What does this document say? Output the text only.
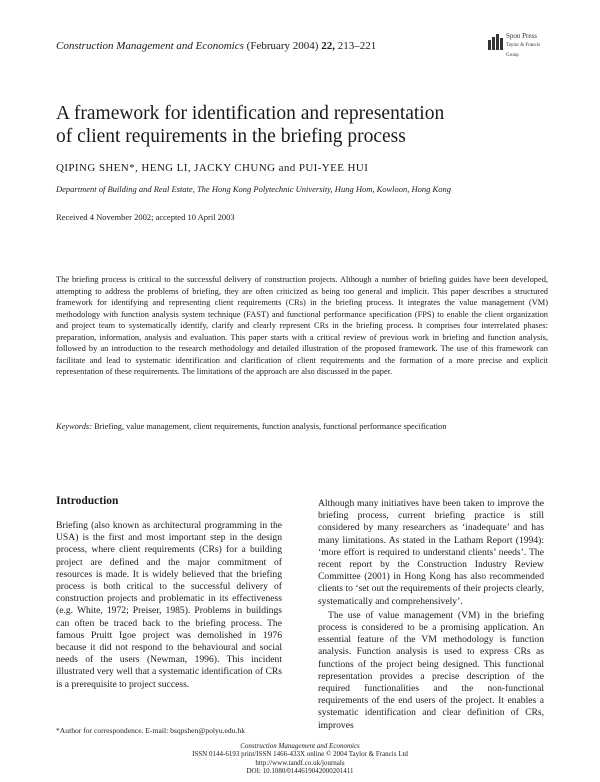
Construction Management and Economics (February 2004) 22, 213–221
Spon Press
Taylor & Francis Group
A framework for identification and representation
of client requirements in the briefing process
QIPING SHEN*, HENG LI, JACKY CHUNG and PUI-YEE HUI
Department of Building and Real Estate, The Hong Kong Polytechnic University, Hung Hom, Kowloon, Hong Kong
Received 4 November 2002; accepted 10 April 2003

The briefing process is critical to the successful delivery of construction projects. Although a number of briefing guides have been developed, attempting to address the problems of briefing, they are often criticized as being too general and implicit. This paper describes a structured framework for identifying and representing client requirements (CRs) in the briefing process. It integrates the value management (VM) methodology with function analysis system technique (FAST) and functional performance specification (FPS) to enable the client organization and project team to systematically identify, clarify and clearly represent CRs in the briefing process. It comprises four interrelated phases: preparation, information, analysis and evaluation. This paper starts with a critical review of previous work in briefing and function analysis, followed by an introduction to the research methodology and detailed illustration of the proposed framework. The use of this framework can facilitate and lead to systematic identification and clarification of client requirements and the formation of a more precise and explicit representation of these requirements. The limitations of the approach are also discussed in the paper.

Keywords: Briefing, value management, client requirements, function analysis, functional performance specification

Introduction

Briefing (also known as architectural programming in the USA) is the first and most important step in the design process, where client requirements (CRs) for a building project are defined and the major commitment of resources is made. It is widely believed that the briefing process is both critical to the successful delivery of construction projects and problematic in its effectiveness (e.g. White, 1972; Preiser, 1985). Problems in buildings can often be traced back to the briefing process. The famous Pruitt Igoe project was demolished in 1976 because it did not respond to the behavioural and social needs of the users (Newman, 1996). This incident illustrated very well that a systematic identification of CRs is a prerequisite to project success.

Although many initiatives have been taken to improve the briefing process, current briefing practice is still considered by many researchers as ‘inadequate’ and has many limitations. As stated in the Latham Report (1994): ‘more effort is required to understand clients’ needs’. The recent report by the Construction Industry Review Committee (2001) in Hong Kong has also recommended clients to ‘set out the requirements of their projects clearly, systematically and comprehensively’.

The use of value management (VM) in the briefing process is considered to be a promising application. An essential feature of the VM methodology is function analysis. Function analysis is used to express CRs as functions of the project being designed. This functional representation provides a precise description of the required functionalities and the non-functional requirements of the end users of the project. It enables a systematic identification and clear definition of CRs, improves

*Author for correspondence. E-mail: bsqpshen@polyu.edu.hk
Construction Management and Economics
ISSN 0144-6193 print/ISSN 1466-433X online © 2004 Taylor & Francis Ltd
http://www.tandf.co.uk/journals
DOI: 10.1080/0144619042000201411
